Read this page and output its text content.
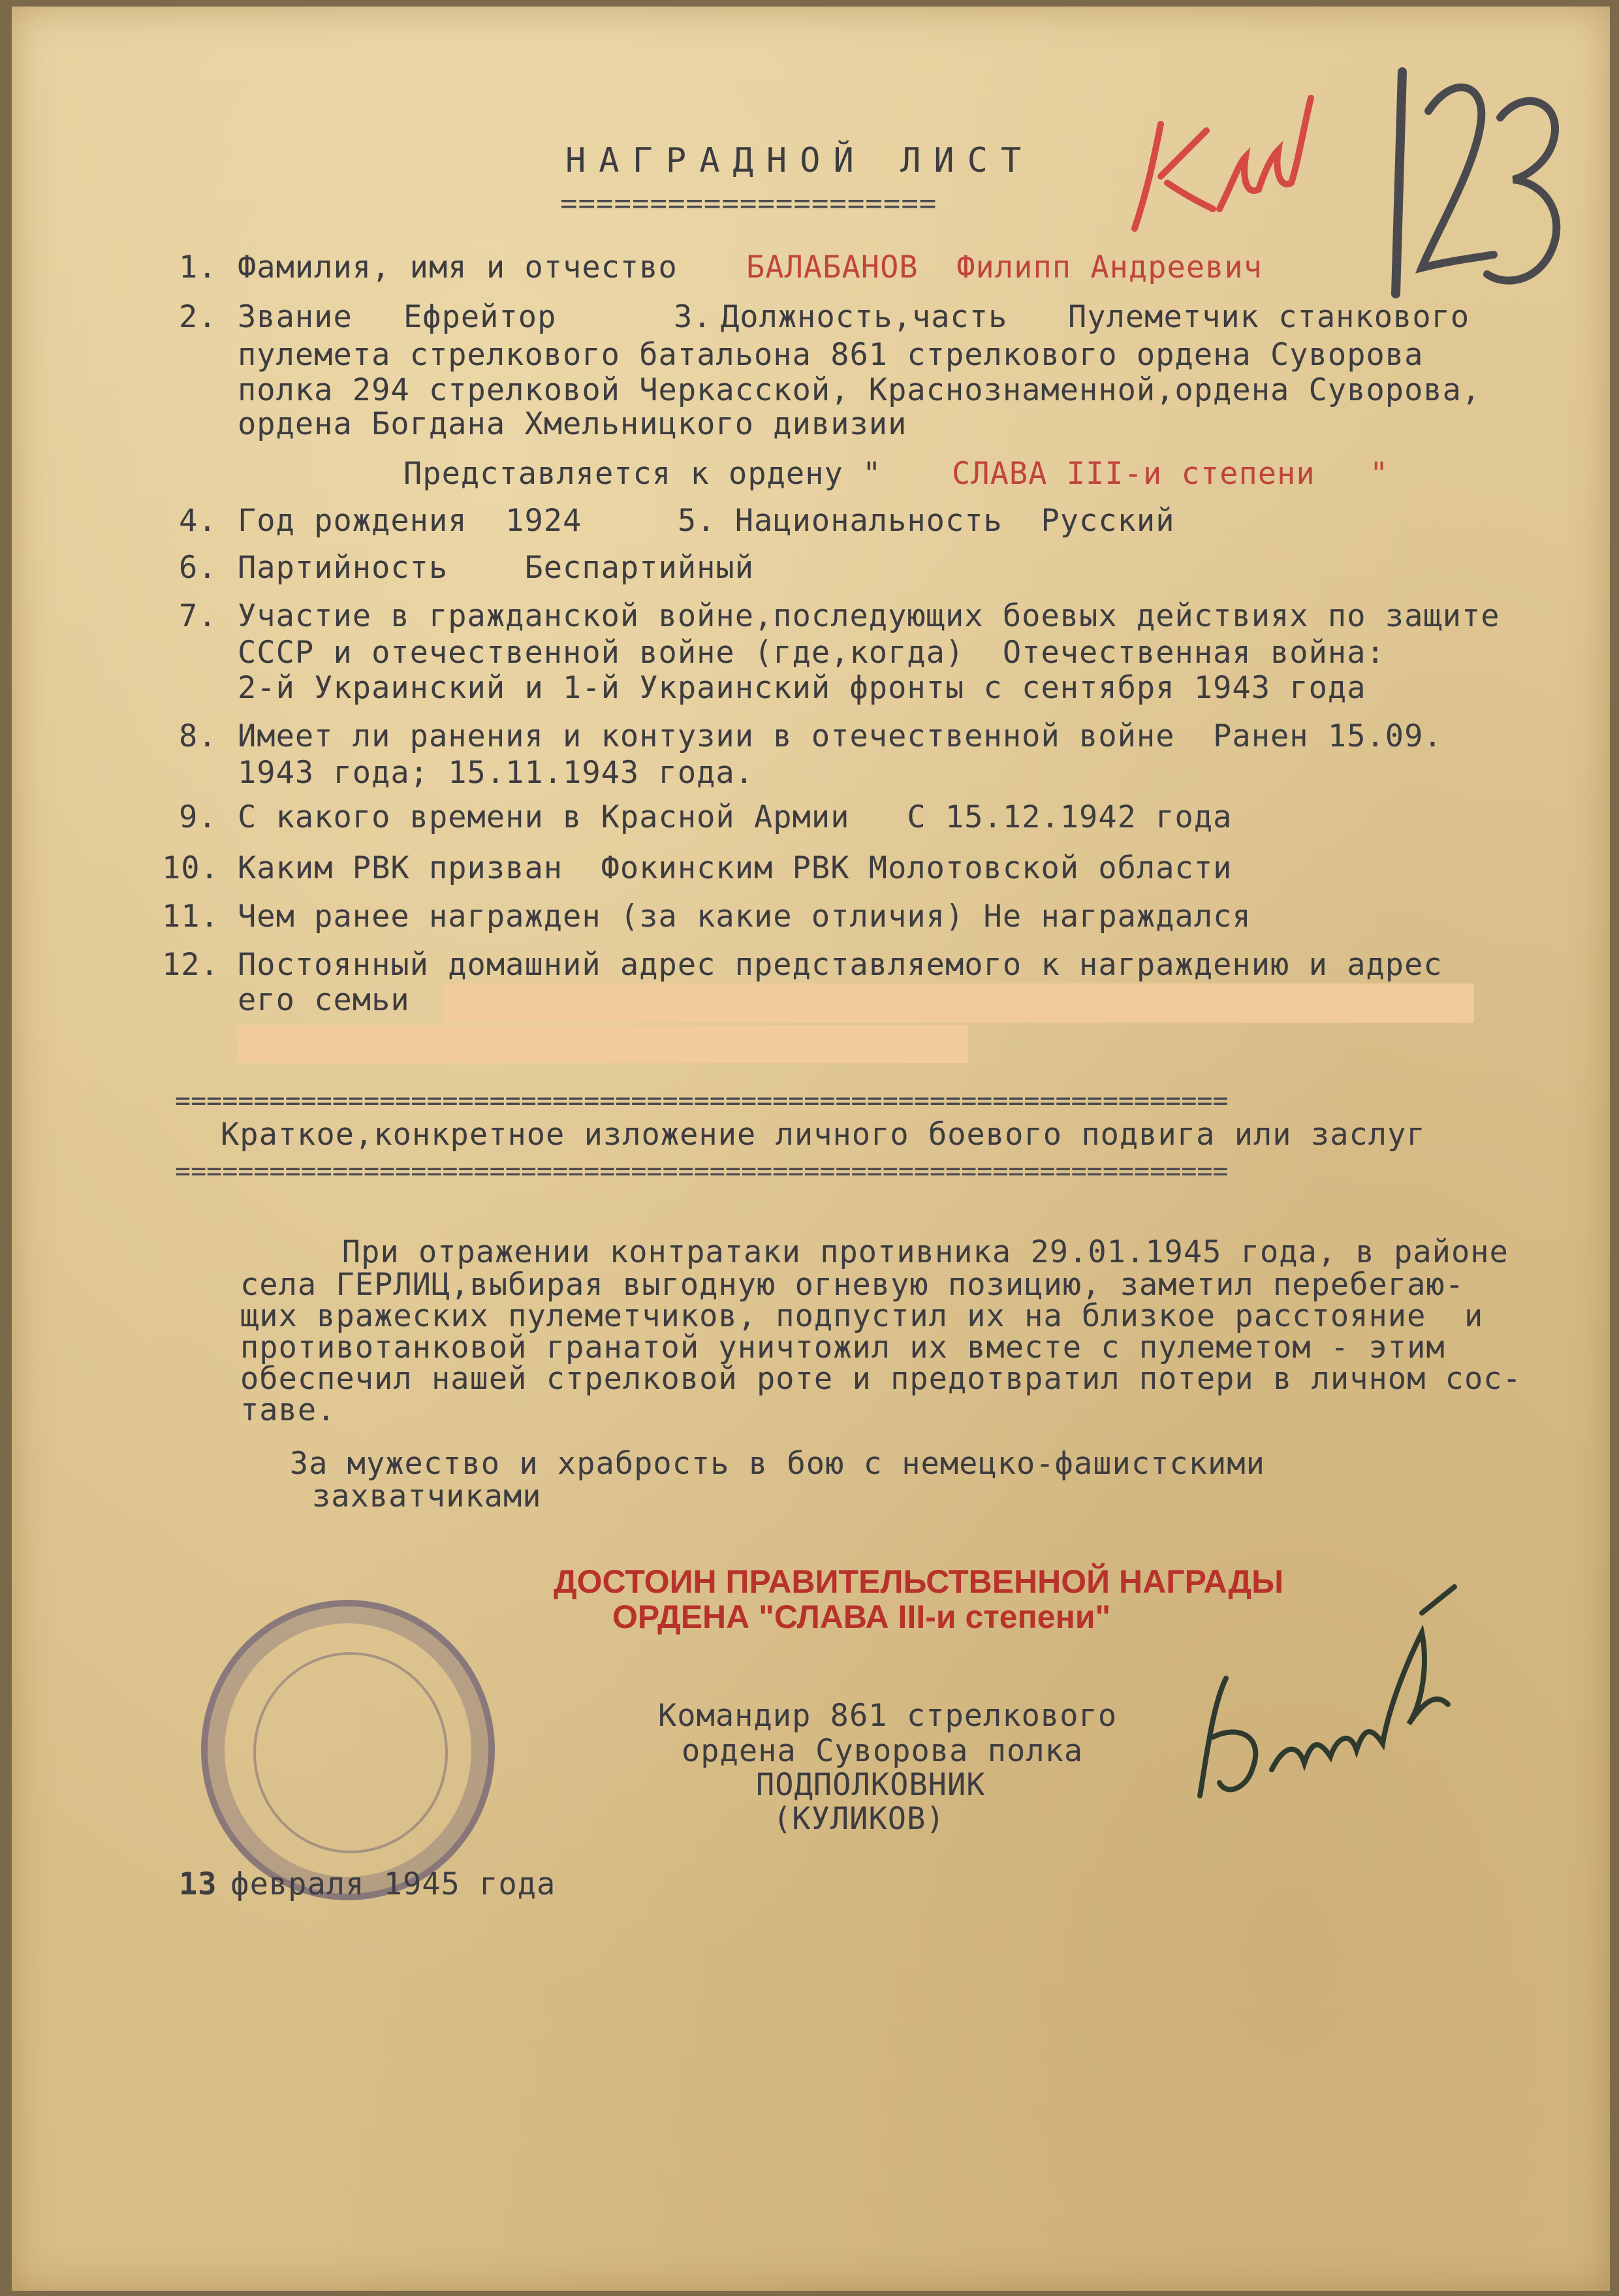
НАГРАДНОЙ ЛИСТ
=====================
1. Фамилия, имя и отчество БАЛАБАНОВ  Филипп Андреевич
2. Звание Ефрейтор	3. Должность,часть Пулеметчик станкового
пулемета стрелкового батальона 861 стрелкового ордена Суворова
полка 294 стрелковой Черкасской, Краснознаменной,ордена Суворова,
ордена Богдана Хмельницкого дивизии
Представляется к ордену " СЛАВА III-и степени "
4. Год рождения  1924     5. Национальность  Русский
6. Партийность    Беспартийный
7. Участие в гражданской войне,последующих боевых действиях по защите
СССР и отечественной войне (где,когда)  Отечественная война:
2-й Украинский и 1-й Украинский фронты с сентября 1943 года
8. Имеет ли ранения и контузии в отечественной войне  Ранен 15.09.
1943 года; 15.11.1943 года.
9. С какого времени в Красной Армии   С 15.12.1942 года
10. Каким РВК призван  Фокинским РВК Молотовской области
11. Чем ранее награжден (за какие отличия) Не награждался
12. Постоянный домашний адрес представляемого к награждению и адрес
его семьи
===================================================================
Краткое,конкретное изложение личного боевого подвига или заслуг
===================================================================
При отражении контратаки противника 29.01.1945 года, в районе
села ГЕРЛИЦ,выбирая выгодную огневую позицию, заметил перебегаю-
щих вражеских пулеметчиков, подпустил их на близкое расстояние  и
противотанковой гранатой уничтожил их вместе с пулеметом - этим
обеспечил нашей стрелковой роте и предотвратил потери в личном сос-
таве.
За мужество и храбрость в бою с немецко-фашистскими
захватчиками
ДОСТОИН ПРАВИТЕЛЬСТВЕННОЙ НАГРАДЫ
ОРДЕНА "СЛАВА III-и степени"
Командир 861 стрелкового
ордена Суворова полка
ПОДПОЛКОВНИК
(КУЛИКОВ)
13
февраля 1945 года
